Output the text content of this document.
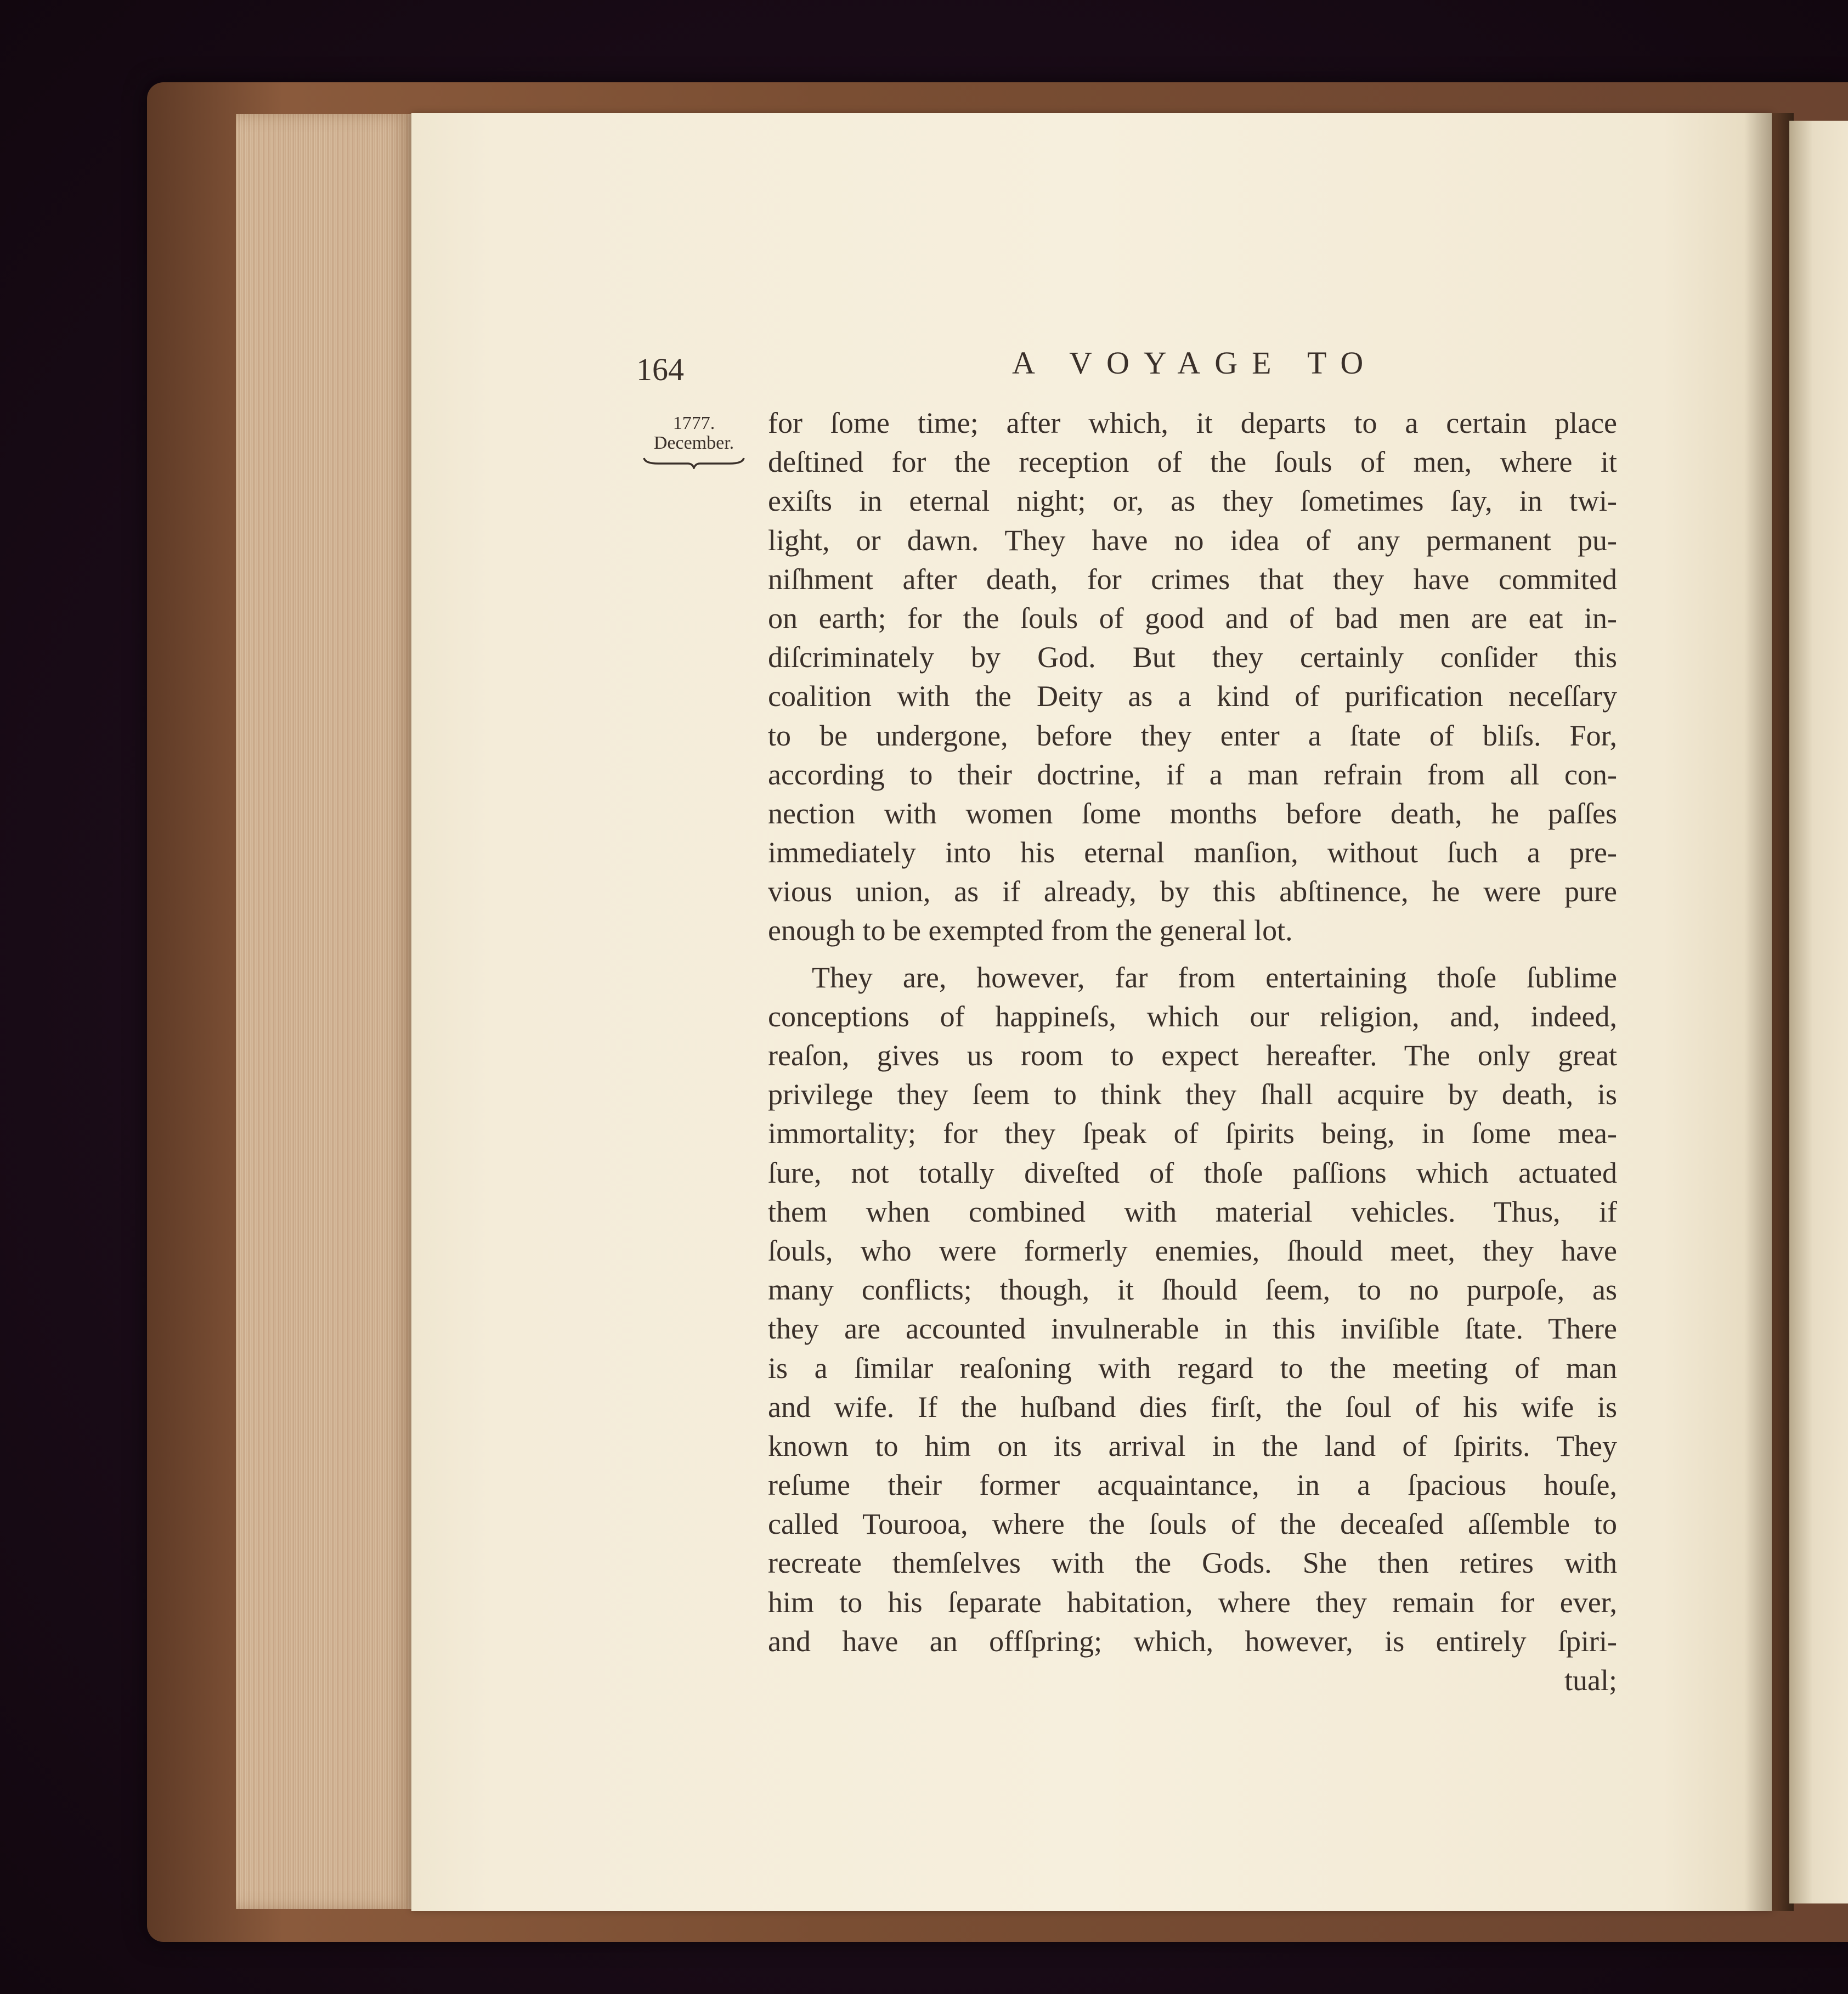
164	A VOYAGE TO
1777.
December.
for ſome time; after which, it departs to a certain place
deſtined for the reception of the ſouls of men, where it
exiſts in eternal night; or, as they ſometimes ſay, in twi-
light, or dawn. They have no idea of any permanent pu-
niſhment after death, for crimes that they have commited
on earth; for the ſouls of good and of bad men are eat in-
diſcriminately by God. But they certainly conſider this
coalition with the Deity as a kind of purification neceſſary
to be undergone, before they enter a ſtate of bliſs. For,
according to their doctrine, if a man refrain from all con-
nection with women ſome months before death, he paſſes
immediately into his eternal manſion, without ſuch a pre-
vious union, as if already, by this abſtinence, he were pure
enough to be exempted from the general lot.
They are, however, far from entertaining thoſe ſublime
conceptions of happineſs, which our religion, and, indeed,
reaſon, gives us room to expect hereafter. The only great
privilege they ſeem to think they ſhall acquire by death, is
immortality; for they ſpeak of ſpirits being, in ſome mea-
ſure, not totally diveſted of thoſe paſſions which actuated
them when combined with material vehicles. Thus, if
ſouls, who were formerly enemies, ſhould meet, they have
many conflicts; though, it ſhould ſeem, to no purpoſe, as
they are accounted invulnerable in this inviſible ſtate. There
is a ſimilar reaſoning with regard to the meeting of man
and wife. If the huſband dies firſt, the ſoul of his wife is
known to him on its arrival in the land of ſpirits. They
reſume their former acquaintance, in a ſpacious houſe,
called Tourooa, where the ſouls of the deceaſed aſſemble to
recreate themſelves with the Gods. She then retires with
him to his ſeparate habitation, where they remain for ever,
and have an offſpring; which, however, is entirely ſpiri-
tual;
